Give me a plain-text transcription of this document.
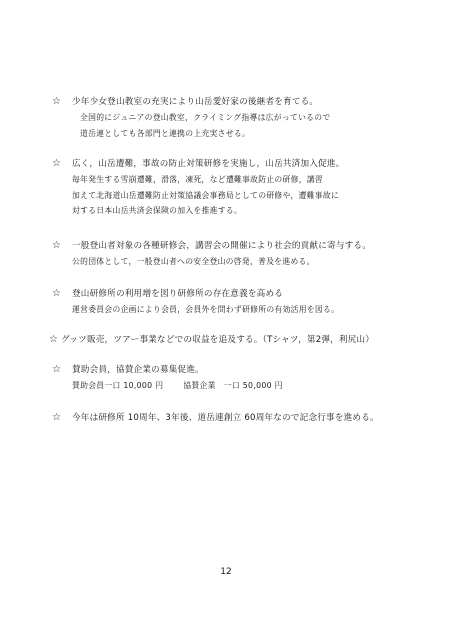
☆	少年少女登山教室の充実により山岳愛好家の後継者を育てる。
全国的にジュニアの登山教室，クライミング指導は広がっているので
道岳連としても各部門と連携の上充実させる。
☆	広く，山岳遭難，事故の防止対策研修を実施し，山岳共済加入促進。
毎年発生する雪崩遭難，滑落，凍死，など遭難事故防止の研修，講習
加えて北海道山岳遭難防止対策協議会事務局としての研修や，遭難事故に
対する日本山岳共済会保険の加入を推進する。
☆	一般登山者対象の各種研修会，講習会の開催により社会的貢献に寄与する。
公的団体として，一般登山者への安全登山の啓発，普及を進める。
☆	登山研修所の利用増を図り研修所の存在意義を高める
運営委員会の企画により会員，会員外を問わず研修所の有効活用を図る。
☆ グッツ販売，ツアー事業などでの収益を追及する。（Tシャツ，第2弾，利尻山）
☆	賛助会員，協賛企業の募集促進。
賛助会員一口 10,000 円	協賛企業　一口 50,000 円
☆	今年は研修所 10周年、3年後、道岳連創立 60周年なので記念行事を進める。
12
